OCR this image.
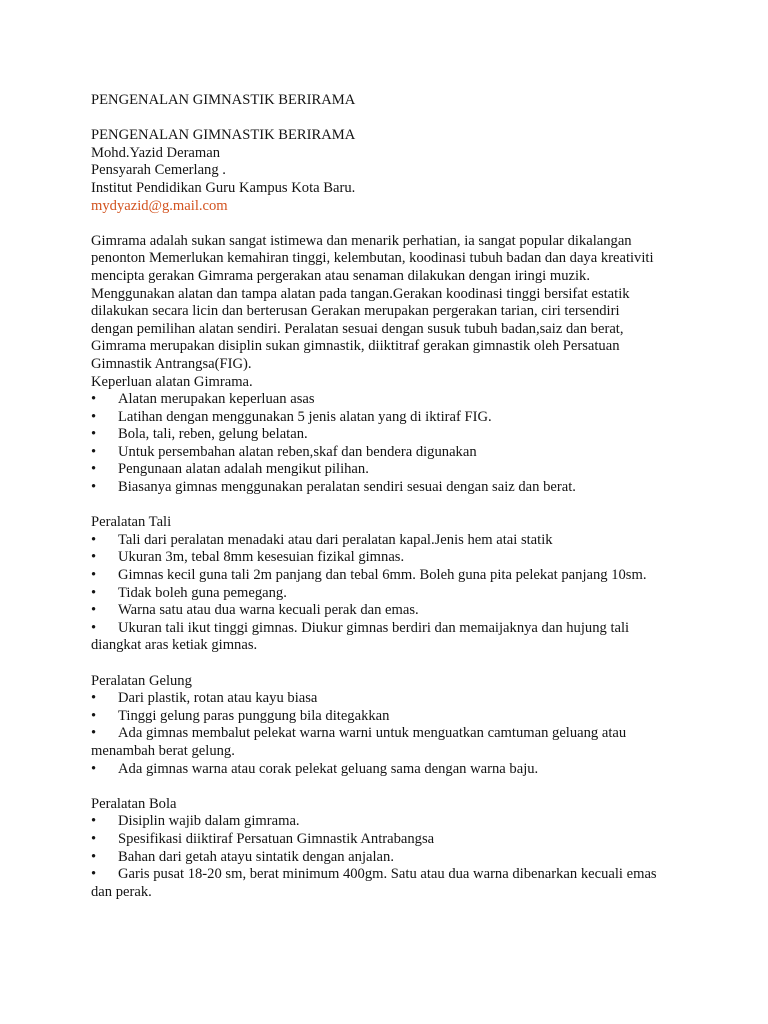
PENGENALAN GIMNASTIK BERIRAMA

PENGENALAN GIMNASTIK BERIRAMA

Mohd.Yazid Deraman

Pensyarah Cemerlang .

Institut Pendidikan Guru Kampus Kota Baru.

mydyazid@g.mail.com

Gimrama adalah sukan sangat istimewa dan menarik perhatian, ia sangat popular dikalangan

penonton Memerlukan kemahiran tinggi, kelembutan, koodinasi tubuh badan dan daya kreativiti

mencipta gerakan Gimrama pergerakan atau senaman dilakukan dengan iringi muzik.

Menggunakan alatan dan tampa alatan pada tangan.Gerakan koodinasi tinggi bersifat estatik

dilakukan secara licin dan berterusan Gerakan merupakan pergerakan tarian, ciri tersendiri

dengan pemilihan alatan sendiri. Peralatan sesuai dengan susuk tubuh badan,saiz dan berat,

Gimrama merupakan disiplin sukan gimnastik, diiktitraf gerakan gimnastik oleh Persatuan

Gimnastik Antrangsa(FIG).

Keperluan alatan Gimrama.

•	Alatan merupakan keperluan asas
•	Latihan dengan menggunakan 5 jenis alatan yang di iktiraf FIG.
•	Bola, tali, reben, gelung belatan.
•	Untuk persembahan alatan reben,skaf dan bendera digunakan
•	Pengunaan alatan adalah mengikut pilihan.
•	Biasanya gimnas menggunakan peralatan sendiri sesuai dengan saiz dan berat.

Peralatan Tali

•	Tali dari peralatan menadaki atau dari peralatan kapal.Jenis hem atai statik
•	Ukuran 3m, tebal 8mm kesesuian fizikal gimnas.
•	Gimnas kecil guna tali 2m panjang dan tebal 6mm. Boleh guna pita pelekat panjang 10sm.
•	Tidak boleh guna pemegang.
•	Warna satu atau dua warna kecuali perak dan emas.

• Ukuran tali ikut tinggi gimnas. Diukur gimnas berdiri dan memaijaknya dan hujung tali

diangkat aras ketiak gimnas.

Peralatan Gelung

•	Dari plastik, rotan atau kayu biasa
•	Tinggi gelung paras punggung bila ditegakkan

• Ada gimnas membalut pelekat warna warni untuk menguatkan camtuman geluang atau

menambah berat gelung.

•	Ada gimnas warna atau corak pelekat geluang sama dengan warna baju.

Peralatan Bola

•	Disiplin wajib dalam gimrama.
•	Spesifikasi diiktiraf Persatuan Gimnastik Antrabangsa
•	Bahan dari getah atayu sintatik dengan anjalan.

• Garis pusat 18-20 sm, berat minimum 400gm. Satu atau dua warna dibenarkan kecuali emas

dan perak.
